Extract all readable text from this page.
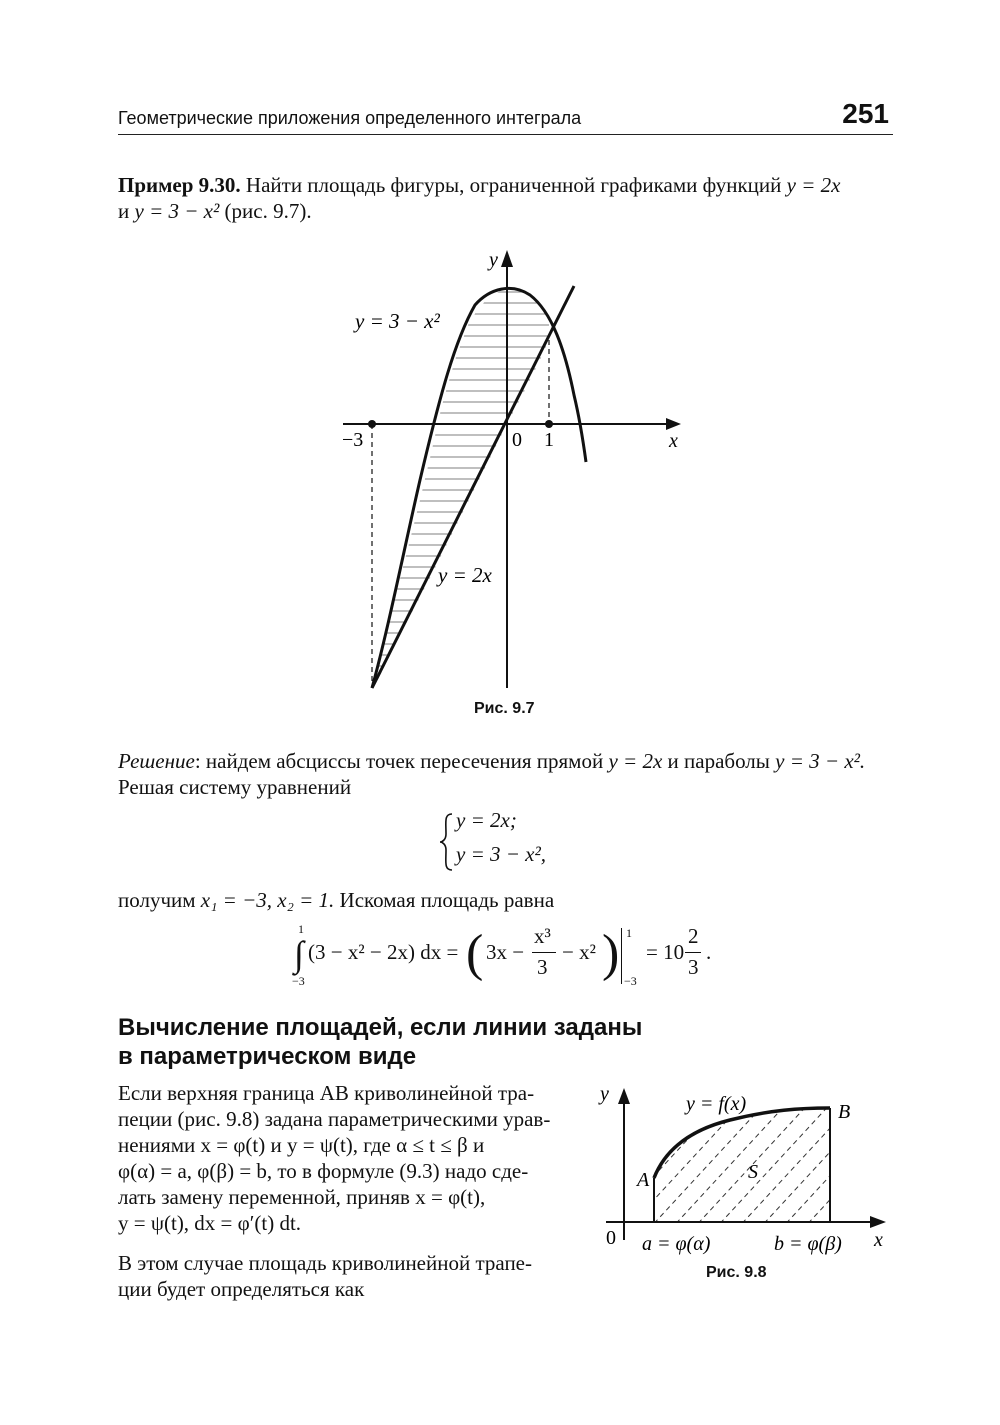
Геометрические приложения определенного интеграла	251

Пример 9.30. Найти площадь фигуры, ограниченной графиками функций y = 2x

и y = 3 − x² (рис. 9.7).

y
x
−3	0 1
y = 3 − x²
y = 2x
Рис. 9.7

Решение: найдем абсциссы точек пересечения прямой y = 2x и параболы y = 3 − x².

Решая систему уравнений

y = 2x;
y = 3 − x²,

получим x₁ = −3, x₂ = 1. Искомая площадь равна

1
∫
−3
(3 − x² − 2x) dx = ( 3x −
x³
3
− x² ) 1
−3
= 10
2
3
.
Вычисление площадей, если линии заданы
в параметрическом виде
Если верхняя граница AB криволинейной тра-
пеции (рис. 9.8) задана параметрическими урав-
нениями x = φ(t) и y = ψ(t), где α ≤ t ≤ β и
φ(α) = a, φ(β) = b, то в формуле (9.3) надо сде-
лать замену переменной, приняв x = φ(t),
y = ψ(t), dx = φ′(t) dt.
В этом случае площадь криволинейной трапе-
ции будет определяться как
y
x
0
y = f(x)
A
B
S
a = φ(α)	b = φ(β)
Рис. 9.8
